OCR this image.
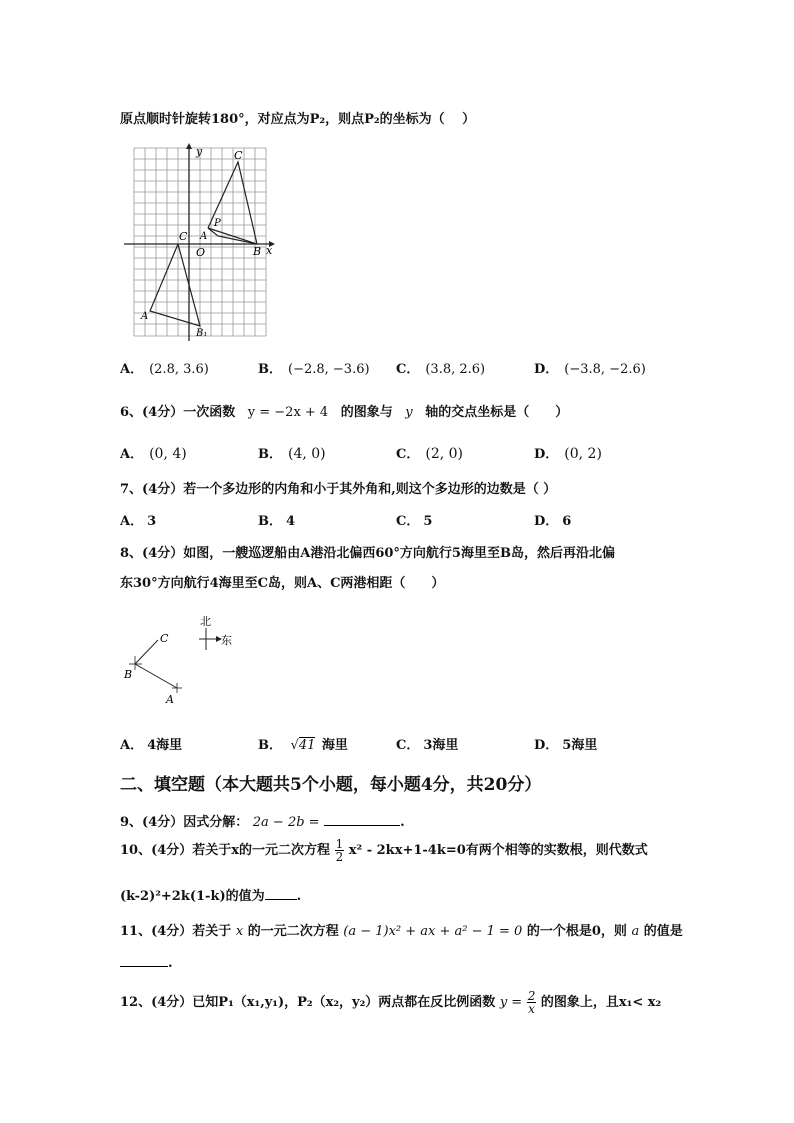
原点顺时针旋转180°，对应点为P₂，则点P₂的坐标为（　 ）
y
x
O
C
P
A
B
C
A
B₁
A． (2.8, 3.6)	B． (−2.8, −3.6) C． (3.8, 2.6)	D． (−3.8, −2.6)
6、(4分）一次函数 y = −2x + 4 的图象与 y 轴的交点坐标是（　　）
A． (0, 4)	B． (4, 0)	C． (2, 0)	D． (0, 2)
7、(4分）若一个多边形的内角和小于其外角和,则这个多边形的边数是（ ）
A． 3	B． 4	C． 5	D． 6
8、(4分）如图，一艘巡逻船由A港沿北偏西60°方向航行5海里至B岛，然后再沿北偏
东30°方向航行4海里至C岛，则A、C两港相距（　　）
北
东
C
B
A
A． 4海里	B． √41 海里	C． 3海里	D． 5海里
二、填空题（本大题共5个小题，每小题4分，共20分）
9、(4分）因式分解： 2a − 2b =	.
10、(4分）若关于x的一元二次方程 $\frac{1}{2} x^2 - 2kx+1-4k=0$有两个相等的实数根，则代数式
(k-2)²+2k(1-k)的值为 .
11、(4分）若关于 x 的一元二次方程 (a − 1)x² + ax + a² − 1 = 0 的一个根是0，则 a 的值是
.
12、(4分）已知P₁（x₁,y₁)，P₂（x₂，y₂）两点都在反比例函数 $y = \frac{2}{x}$ 的图象上，且x₁< x₂
